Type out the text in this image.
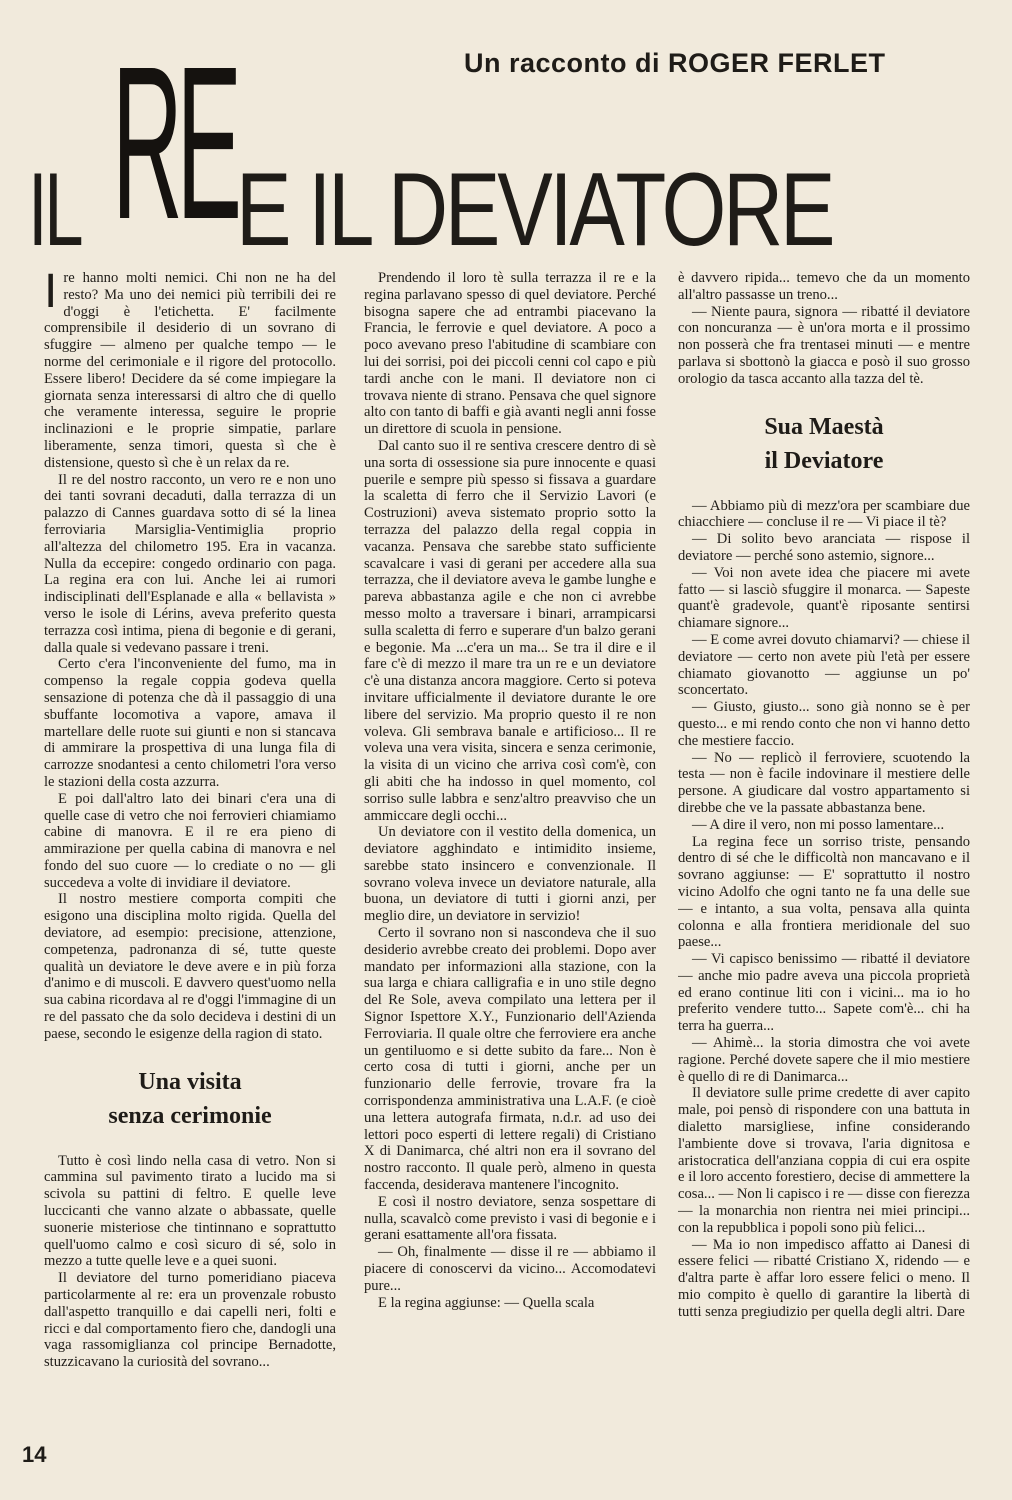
Un racconto di ROGER FERLET
IL RE E IL DEVIATORE

Ire hanno molti nemici. Chi non ne ha del resto? Ma uno dei nemici più terribili dei re d'oggi è l'etichetta. E' facilmente comprensibile il desiderio di un sovrano di sfuggire — almeno per qualche tempo — le norme del cerimoniale e il rigore del protocollo. Essere libero! Decidere da sé come impiegare la giornata senza interessarsi di altro che di quello che veramente interessa, seguire le proprie inclinazioni e le proprie simpatie, parlare liberamente, senza timori, questa sì che è distensione, questo sì che è un relax da re.

Il re del nostro racconto, un vero re e non uno dei tanti sovrani decaduti, dalla terrazza di un palazzo di Cannes guardava sotto di sé la linea ferroviaria Marsiglia-Ventimiglia proprio all'altezza del chilometro 195. Era in vacanza. Nulla da eccepire: congedo ordinario con paga. La regina era con lui. Anche lei ai rumori indisciplinati dell'Esplanade e alla « bellavista » verso le isole di Lérins, aveva preferito questa terrazza così intima, piena di begonie e di gerani, dalla quale si vedevano passare i treni.

Certo c'era l'inconveniente del fumo, ma in compenso la regale coppia godeva quella sensazione di potenza che dà il passaggio di una sbuffante locomotiva a vapore, amava il martellare delle ruote sui giunti e non si stancava di ammirare la prospettiva di una lunga fila di carrozze snodantesi a cento chilometri l'ora verso le stazioni della costa azzurra.

E poi dall'altro lato dei binari c'era una di quelle case di vetro che noi ferrovieri chiamiamo cabine di manovra. E il re era pieno di ammirazione per quella cabina di manovra e nel fondo del suo cuore — lo crediate o no — gli succedeva a volte di invidiare il deviatore.

Il nostro mestiere comporta compiti che esigono una disciplina molto rigida. Quella del deviatore, ad esempio: precisione, attenzione, competenza, padronanza di sé, tutte queste qualità un deviatore le deve avere e in più forza d'animo e di muscoli. E davvero quest'uomo nella sua cabina ricordava al re d'oggi l'immagine di un re del passato che da solo decideva i destini di un paese, secondo le esigenze della ragion di stato.

Una visita
senza cerimonie

Tutto è così lindo nella casa di vetro. Non si cammina sul pavimento tirato a lucido ma si scivola su pattini di feltro. E quelle leve luccicanti che vanno alzate o abbassate, quelle suonerie misteriose che tintinnano e soprattutto quell'uomo calmo e così sicuro di sé, solo in mezzo a tutte quelle leve e a quei suoni.

Il deviatore del turno pomeridiano piaceva particolarmente al re: era un provenzale robusto dall'aspetto tranquillo e dai capelli neri, folti e ricci e dal comportamento fiero che, dandogli una vaga rassomiglianza col principe Bernadotte, stuzzicavano la curiosità del sovrano...

Prendendo il loro tè sulla terrazza il re e la regina parlavano spesso di quel deviatore. Perché bisogna sapere che ad entrambi piacevano la Francia, le ferrovie e quel deviatore. A poco a poco avevano preso l'abitudine di scambiare con lui dei sorrisi, poi dei piccoli cenni col capo e più tardi anche con le mani. Il deviatore non ci trovava niente di strano. Pensava che quel signore alto con tanto di baffi e già avanti negli anni fosse un direttore di scuola in pensione.

Dal canto suo il re sentiva crescere dentro di sè una sorta di ossessione sia pure innocente e quasi puerile e sempre più spesso si fissava a guardare la scaletta di ferro che il Servizio Lavori (e Costruzioni) aveva sistemato proprio sotto la terrazza del palazzo della regal coppia in vacanza. Pensava che sarebbe stato sufficiente scavalcare i vasi di gerani per accedere alla sua terrazza, che il deviatore aveva le gambe lunghe e pareva abbastanza agile e che non ci avrebbe messo molto a traversare i binari, arrampicarsi sulla scaletta di ferro e superare d'un balzo gerani e begonie. Ma ...c'era un ma... Se tra il dire e il fare c'è di mezzo il mare tra un re e un deviatore c'è una distanza ancora maggiore. Certo si poteva invitare ufficialmente il deviatore durante le ore libere del servizio. Ma proprio questo il re non voleva. Gli sembrava banale e artificioso... Il re voleva una vera visita, sincera e senza cerimonie, la visita di un vicino che arriva così com'è, con gli abiti che ha indosso in quel momento, col sorriso sulle labbra e senz'altro preavviso che un ammiccare degli occhi...

Un deviatore con il vestito della domenica, un deviatore agghindato e intimidito insieme, sarebbe stato insincero e convenzionale. Il sovrano voleva invece un deviatore naturale, alla buona, un deviatore di tutti i giorni anzi, per meglio dire, un deviatore in servizio!

Certo il sovrano non si nascondeva che il suo desiderio avrebbe creato dei problemi. Dopo aver mandato per informazioni alla stazione, con la sua larga e chiara calligrafia e in uno stile degno del Re Sole, aveva compilato una lettera per il Signor Ispettore X.Y., Funzionario dell'Azienda Ferroviaria. Il quale oltre che ferroviere era anche un gentiluomo e si dette subito da fare... Non è certo cosa di tutti i giorni, anche per un funzionario delle ferrovie, trovare fra la corrispondenza amministrativa una L.A.F. (e cioè una lettera autografa firmata, n.d.r. ad uso dei lettori poco esperti di lettere regali) di Cristiano X di Danimarca, ché altri non era il sovrano del nostro racconto. Il quale però, almeno in questa faccenda, desiderava mantenere l'incognito.

E così il nostro deviatore, senza sospettare di nulla, scavalcò come previsto i vasi di begonie e i gerani esattamente all'ora fissata.

— Oh, finalmente — disse il re — abbiamo il piacere di conoscervi da vicino... Accomodatevi pure...

E la regina aggiunse: — Quella scala

è davvero ripida... temevo che da un momento all'altro passasse un treno...

— Niente paura, signora — ribatté il deviatore con noncuranza — è un'ora morta e il prossimo non posserà che fra trentasei minuti — e mentre parlava si sbottonò la giacca e posò il suo grosso orologio da tasca accanto alla tazza del tè.

Sua Maestà
il Deviatore

— Abbiamo più di mezz'ora per scambiare due chiacchiere — concluse il re — Vi piace il tè?

— Di solito bevo aranciata — rispose il deviatore — perché sono astemio, signore...

— Voi non avete idea che piacere mi avete fatto — si lasciò sfuggire il monarca. — Sapeste quant'è gradevole, quant'è riposante sentirsi chiamare signore...

— E come avrei dovuto chiamarvi? — chiese il deviatore — certo non avete più l'età per essere chiamato giovanotto — aggiunse un po' sconcertato.

— Giusto, giusto... sono già nonno se è per questo... e mi rendo conto che non vi hanno detto che mestiere faccio.

— No — replicò il ferroviere, scuotendo la testa — non è facile indovinare il mestiere delle persone. A giudicare dal vostro appartamento si direbbe che ve la passate abbastanza bene.

— A dire il vero, non mi posso lamentare...

La regina fece un sorriso triste, pensando dentro di sé che le difficoltà non mancavano e il sovrano aggiunse: — E' soprattutto il nostro vicino Adolfo che ogni tanto ne fa una delle sue — e intanto, a sua volta, pensava alla quinta colonna e alla frontiera meridionale del suo paese...

— Vi capisco benissimo — ribatté il deviatore — anche mio padre aveva una piccola proprietà ed erano continue liti con i vicini... ma io ho preferito vendere tutto... Sapete com'è... chi ha terra ha guerra...

— Ahimè... la storia dimostra che voi avete ragione. Perché dovete sapere che il mio mestiere è quello di re di Danimarca...

Il deviatore sulle prime credette di aver capito male, poi pensò di rispondere con una battuta in dialetto marsigliese, infine considerando l'ambiente dove si trovava, l'aria dignitosa e aristocratica dell'anziana coppia di cui era ospite e il loro accento forestiero, decise di ammettere la cosa... — Non li capisco i re — disse con fierezza — la monarchia non rientra nei miei principi... con la repubblica i popoli sono più felici...

— Ma io non impedisco affatto ai Danesi di essere felici — ribatté Cristiano X, ridendo — e d'altra parte è affar loro essere felici o meno. Il mio compito è quello di garantire la libertà di tutti senza pregiudizio per quella degli altri. Dare

14
